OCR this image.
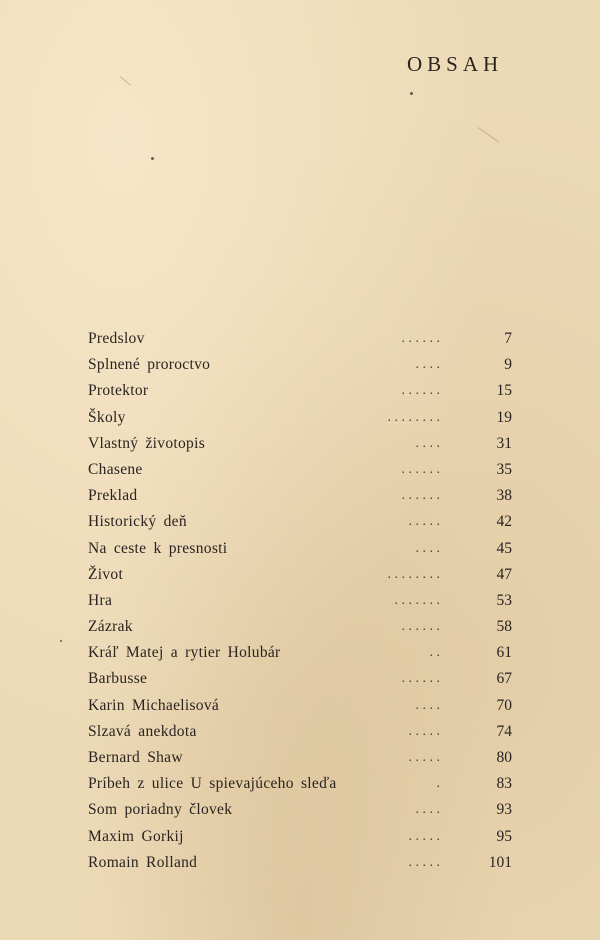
OBSAH
Predslov	. . . . . .	7
Splnené proroctvo	. . . .	9
Protektor	. . . . . .	15
Školy	. . . . . . . .	19
Vlastný životopis	. . . .	31
Chasene	. . . . . .	35
Preklad	. . . . . .	38
Historický deň	. . . . .	42
Na ceste k presnosti	. . . .	45
Život	. . . . . . . .	47
Hra	. . . . . . .	53
Zázrak	. . . . . .	58
Kráľ Matej a rytier Holubár	. .	61
Barbusse	. . . . . .	67
Karin Michaelisová	. . . .	70
Slzavá anekdota	. . . . .	74
Bernard Shaw	. . . . .	80
Príbeh z ulice U spievajúceho sleďa	.	83
Som poriadny človek	. . . .	93
Maxim Gorkij	. . . . .	95
Romain Rolland	. . . . .	101
